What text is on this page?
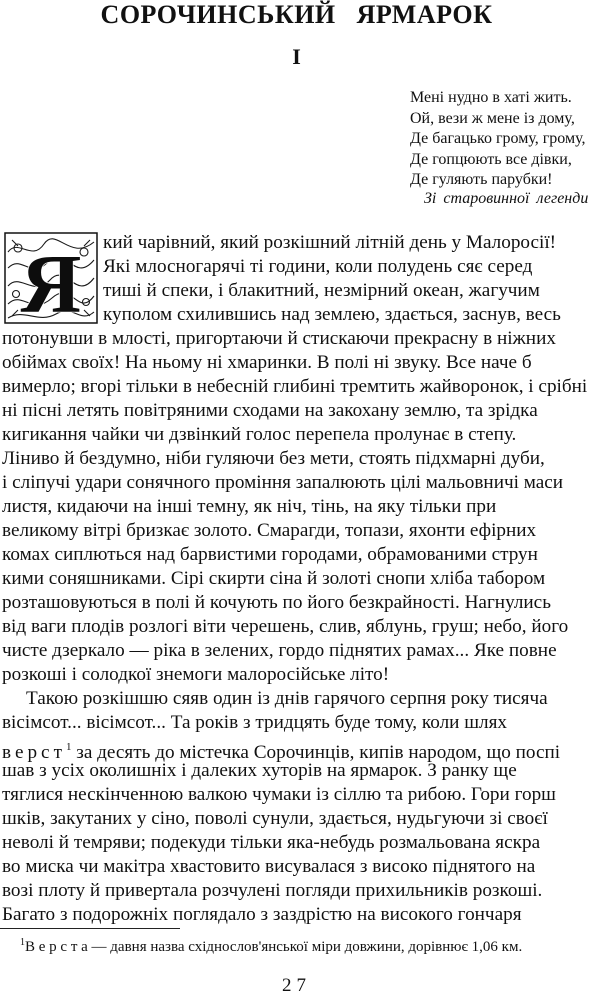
СОРОЧИНСЬКИЙ ЯРМАРОК
I
Мені нудно в хаті жить.
Ой, вези ж мене із дому,
Де багацько грому, грому,
Де гопцюють все дівки,
Де гуляють парубки!
Зі старовинної легенди
Я кий чарівний, який розкішний літній день у Малоросії!
Які млосногарячі ті години, коли полудень сяє серед
тиші й спеки, і блакитний, незмірний океан, жагучим
куполом схилившись над землею, здається, заснув, весь
потонувши в млості, пригортаючи й стискаючи прекрасну в ніжних
обіймах своїх! На ньому ні хмаринки. В полі ні звуку. Все наче б
вимерло; вгорі тільки в небесній глибині тремтить жайворонок, і срібні
ні пісні летять повітряними сходами на закохану землю, та зрідка
кигикання чайки чи дзвінкий голос перепела пролунає в степу.
Ліниво й бездумно, ніби гуляючи без мети, стоять підхмарні дуби,
і сліпучі удари сонячного проміння запалюють цілі мальовничі маси
листя, кидаючи на інші темну, як ніч, тінь, на яку тільки при
великому вітрі бризкає золото. Смарагди, топази, яхонти ефірних
комах сиплються над барвистими городами, обрамованими струн
кими соняшниками. Сірі скирти сіна й золоті снопи хліба табором
розташовуються в полі й кочують по його безкрайності. Нагнулись
від ваги плодів розлогі віти черешень, слив, яблунь, груш; небо, його
чисте дзеркало — ріка в зелених, гордо піднятих рамах... Яке повне
розкоші і солодкої знемоги малоросійське літо!
Такою розкішшю сяяв один із днів гарячого серпня року тисяча
вісімсот... вісімсот... Та років з тридцять буде тому, коли шлях
верст$^1$ за десять до містечка Сорочинців, кипів народом, що поспі
шав з усіх околишніх і далеких хуторів на ярмарок. З ранку ще
тяглися нескінченною валкою чумаки із сіллю та рибою. Гори горш
шків, закутаних у сіно, поволі сунули, здається, нудьгуючи зі своєї
неволі й темряви; подекуди тільки яка-небудь розмальована яскра
во миска чи макітра хвастовито висувалася з високо піднятого на
возі плоту й привертала розчулені погляди прихильників розкоші.
Багато з подорожніх поглядало з заздрістю на високого гончаря
$^1$В е р с т а — давня назва східнослов'янської міри довжини, дорівнює 1,06 км.
27
